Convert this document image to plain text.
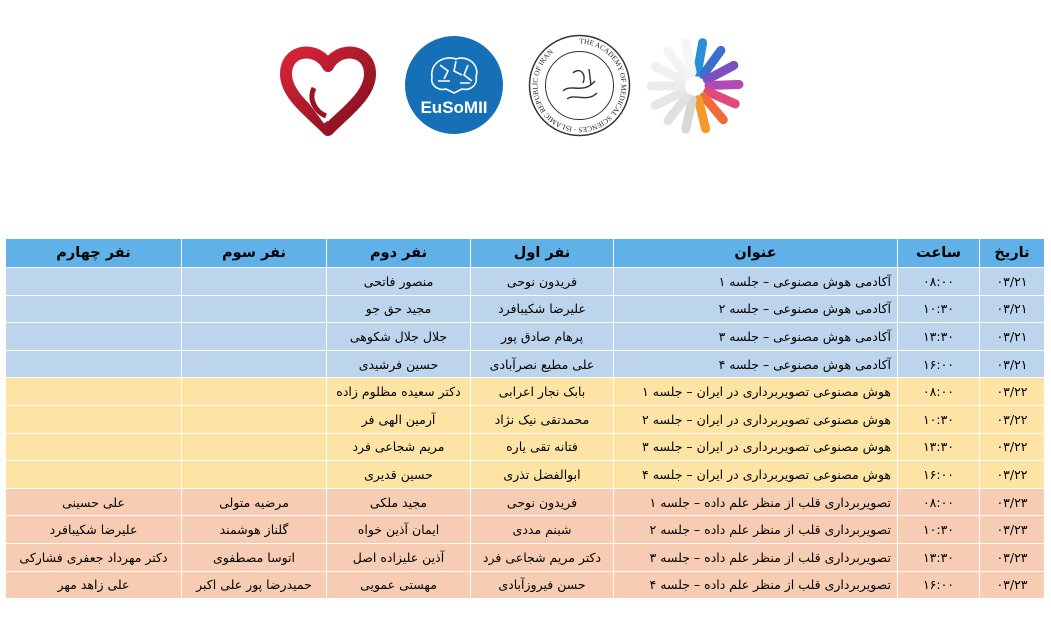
EuSoMII
THE ACADEMY OF MEDICAL SCIENCES · ISLAMIC REPUBLIC OF IRAN
تاریخ	ساعت	عنوان	نفر اول	نفر دوم	نفر سوم	نفر چهارم
۰۳/۲۱	۰۸:۰۰	آکادمی هوش مصنوعی – جلسه ۱	فریدون نوحی	منصور فاتحی		
۰۳/۲۱	۱۰:۳۰	آکادمی هوش مصنوعی – جلسه ۲	علیرضا شکیبافرد	مجید حق جو		
۰۳/۲۱	۱۳:۳۰	آکادمی هوش مصنوعی – جلسه ۳	پرهام صادق پور	جلال جلال شکوهی		
۰۳/۲۱	۱۶:۰۰	آکادمی هوش مصنوعی – جلسه ۴	علی مطیع نصرآبادی	حسین فرشیدی		
۰۳/۲۲	۰۸:۰۰	هوش مصنوعی تصویربرداری در ایران – جلسه ۱	بابک نجار اعرابی	دکتر سعیده مظلوم زاده		
۰۳/۲۲	۱۰:۳۰	هوش مصنوعی تصویربرداری در ایران – جلسه ۲	محمدتقی نیک نژاد	آرمین الهی فر		
۰۳/۲۲	۱۳:۳۰	هوش مصنوعی تصویربرداری در ایران – جلسه ۳	فتانه تقی یاره	مریم شجاعی فرد		
۰۳/۲۲	۱۶:۰۰	هوش مصنوعی تصویربرداری در ایران – جلسه ۴	ابوالفضل تذری	حسین قدیری		
۰۳/۲۳	۰۸:۰۰	تصویربرداری قلب از منظر علم داده – جلسه ۱	فریدون نوحی	مجید ملکی	مرضیه متولی	علی حسینی
۰۳/۲۳	۱۰:۳۰	تصویربرداری قلب از منظر علم داده – جلسه ۲	شبنم مددی	ایمان آذین خواه	گلناز هوشمند	علیرضا شکیبافرد
۰۳/۲۳	۱۳:۳۰	تصویربرداری قلب از منظر علم داده – جلسه ۳	دکتر مریم شجاعی فرد	آذین علیزاده اصل	اتوسا مصطفوی	دکتر مهرداد جعفری فشارکی
۰۳/۲۳	۱۶:۰۰	تصویربرداری قلب از منظر علم داده – جلسه ۴	حسن فیروزآبادی	مهستی عمویی	حمیدرضا پور علی اکبر	علی زاهد مهر
